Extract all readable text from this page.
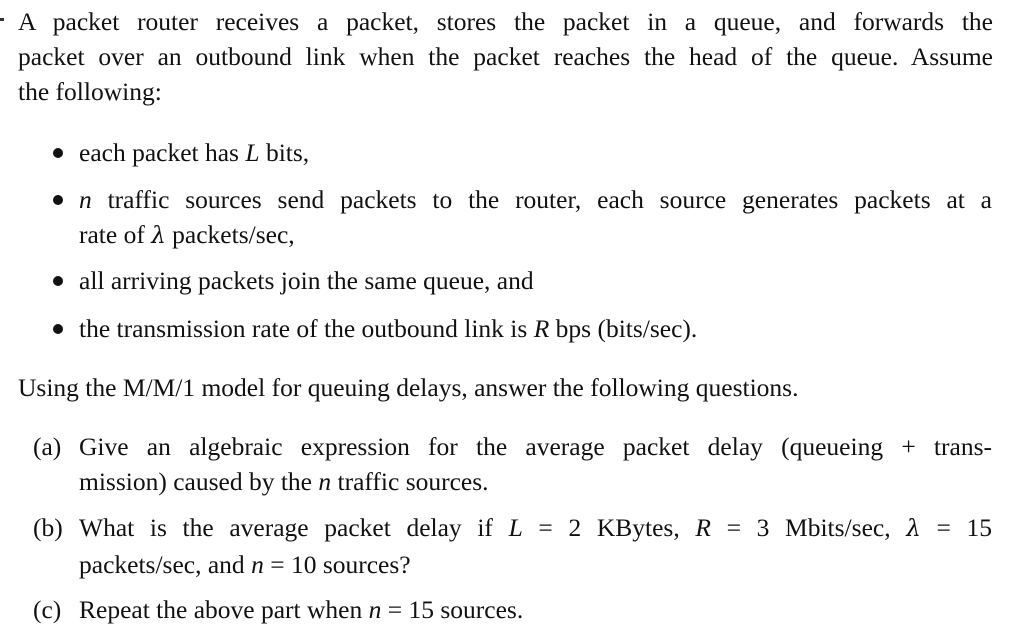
A packet router receives a packet, stores the packet in a queue, and forwards the
packet over an outbound link when the packet reaches the head of the queue. Assume
the following:
each packet has L bits,
n traffic sources send packets to the router, each source generates packets at a
rate of λ packets/sec,
all arriving packets join the same queue, and
the transmission rate of the outbound link is R bps (bits/sec).
Using the M/M/1 model for queuing delays, answer the following questions.
(a) Give an algebraic expression for the average packet delay (queueing + trans-
mission) caused by the n traffic sources.
(b) What is the average packet delay if L = 2 KBytes, R = 3 Mbits/sec, λ = 15
packets/sec, and n = 10 sources?
(c) Repeat the above part when n = 15 sources.
